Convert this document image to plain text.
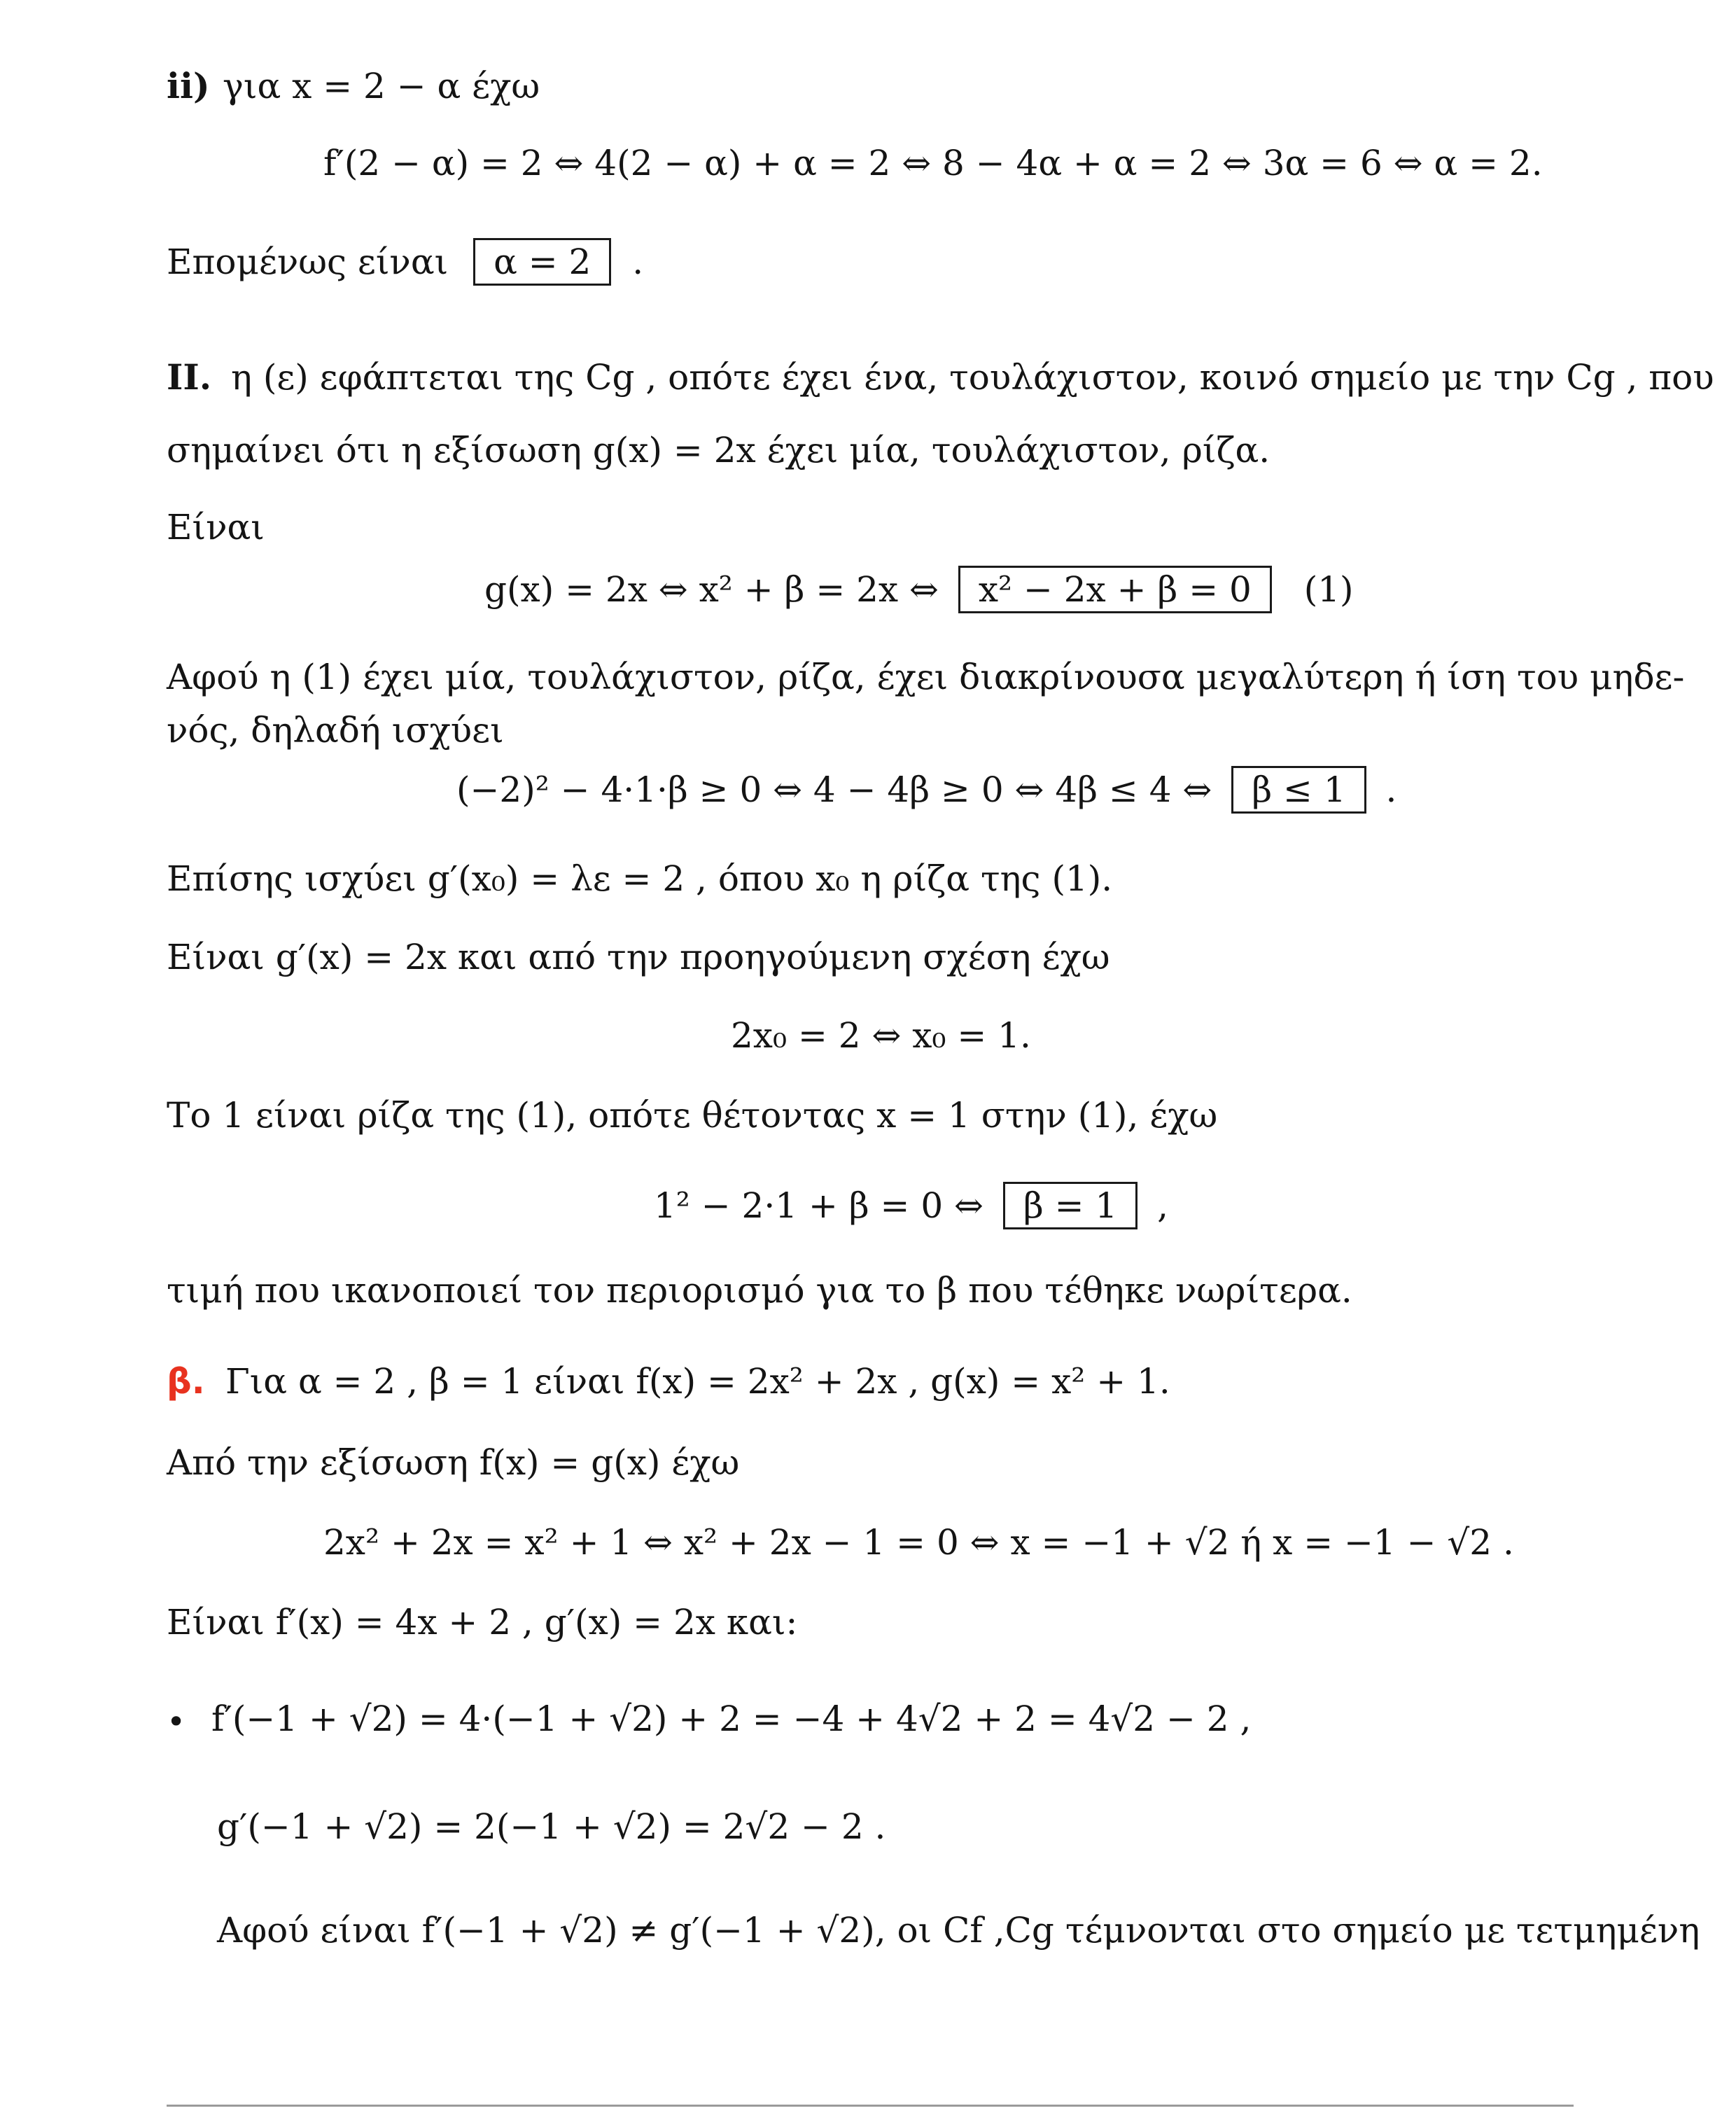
ii) για x = 2 − α έχω
f′(2 − α) = 2 ⇔ 4(2 − α) + α = 2 ⇔ 8 − 4α + α = 2 ⇔ 3α = 6 ⇔ α = 2.
Επομένως είναι α = 2 .
ΙΙ. η (ε) εφάπτεται της Cg , οπότε έχει ένα, τουλάχιστον, κοινό σημείο με την Cg , που
σημαίνει ότι η εξίσωση g(x) = 2x έχει μία, τουλάχιστον, ρίζα.
Είναι
g(x) = 2x ⇔ x² + β = 2x ⇔ x² − 2x + β = 0 (1)
Αφού η (1) έχει μία, τουλάχιστον, ρίζα, έχει διακρίνουσα μεγαλύτερη ή ίση του μηδε-
νός, δηλαδή ισχύει
(−2)² − 4·1·β ≥ 0 ⇔ 4 − 4β ≥ 0 ⇔ 4β ≤ 4 ⇔ β ≤ 1 .
Επίσης ισχύει g′(x₀) = λε = 2 , όπου x₀ η ρίζα της (1).
Είναι g′(x) = 2x και από την προηγούμενη σχέση έχω
2x₀ = 2 ⇔ x₀ = 1.
Το 1 είναι ρίζα της (1), οπότε θέτοντας x = 1 στην (1), έχω
1² − 2·1 + β = 0 ⇔ β = 1 ,
τιμή που ικανοποιεί τον περιορισμό για το β που τέθηκε νωρίτερα.
β. Για α = 2 , β = 1 είναι f(x) = 2x² + 2x , g(x) = x² + 1.
Από την εξίσωση f(x) = g(x) έχω
2x² + 2x = x² + 1 ⇔ x² + 2x − 1 = 0 ⇔ x = −1 + √2 ή x = −1 − √2 .
Είναι f′(x) = 4x + 2 , g′(x) = 2x και:
• f′(−1 + √2) = 4·(−1 + √2) + 2 = −4 + 4√2 + 2 = 4√2 − 2 ,
g′(−1 + √2) = 2(−1 + √2) = 2√2 − 2 .
Αφού είναι f′(−1 + √2) ≠ g′(−1 + √2), οι Cf ,Cg τέμνονται στο σημείο με τετμημένη
